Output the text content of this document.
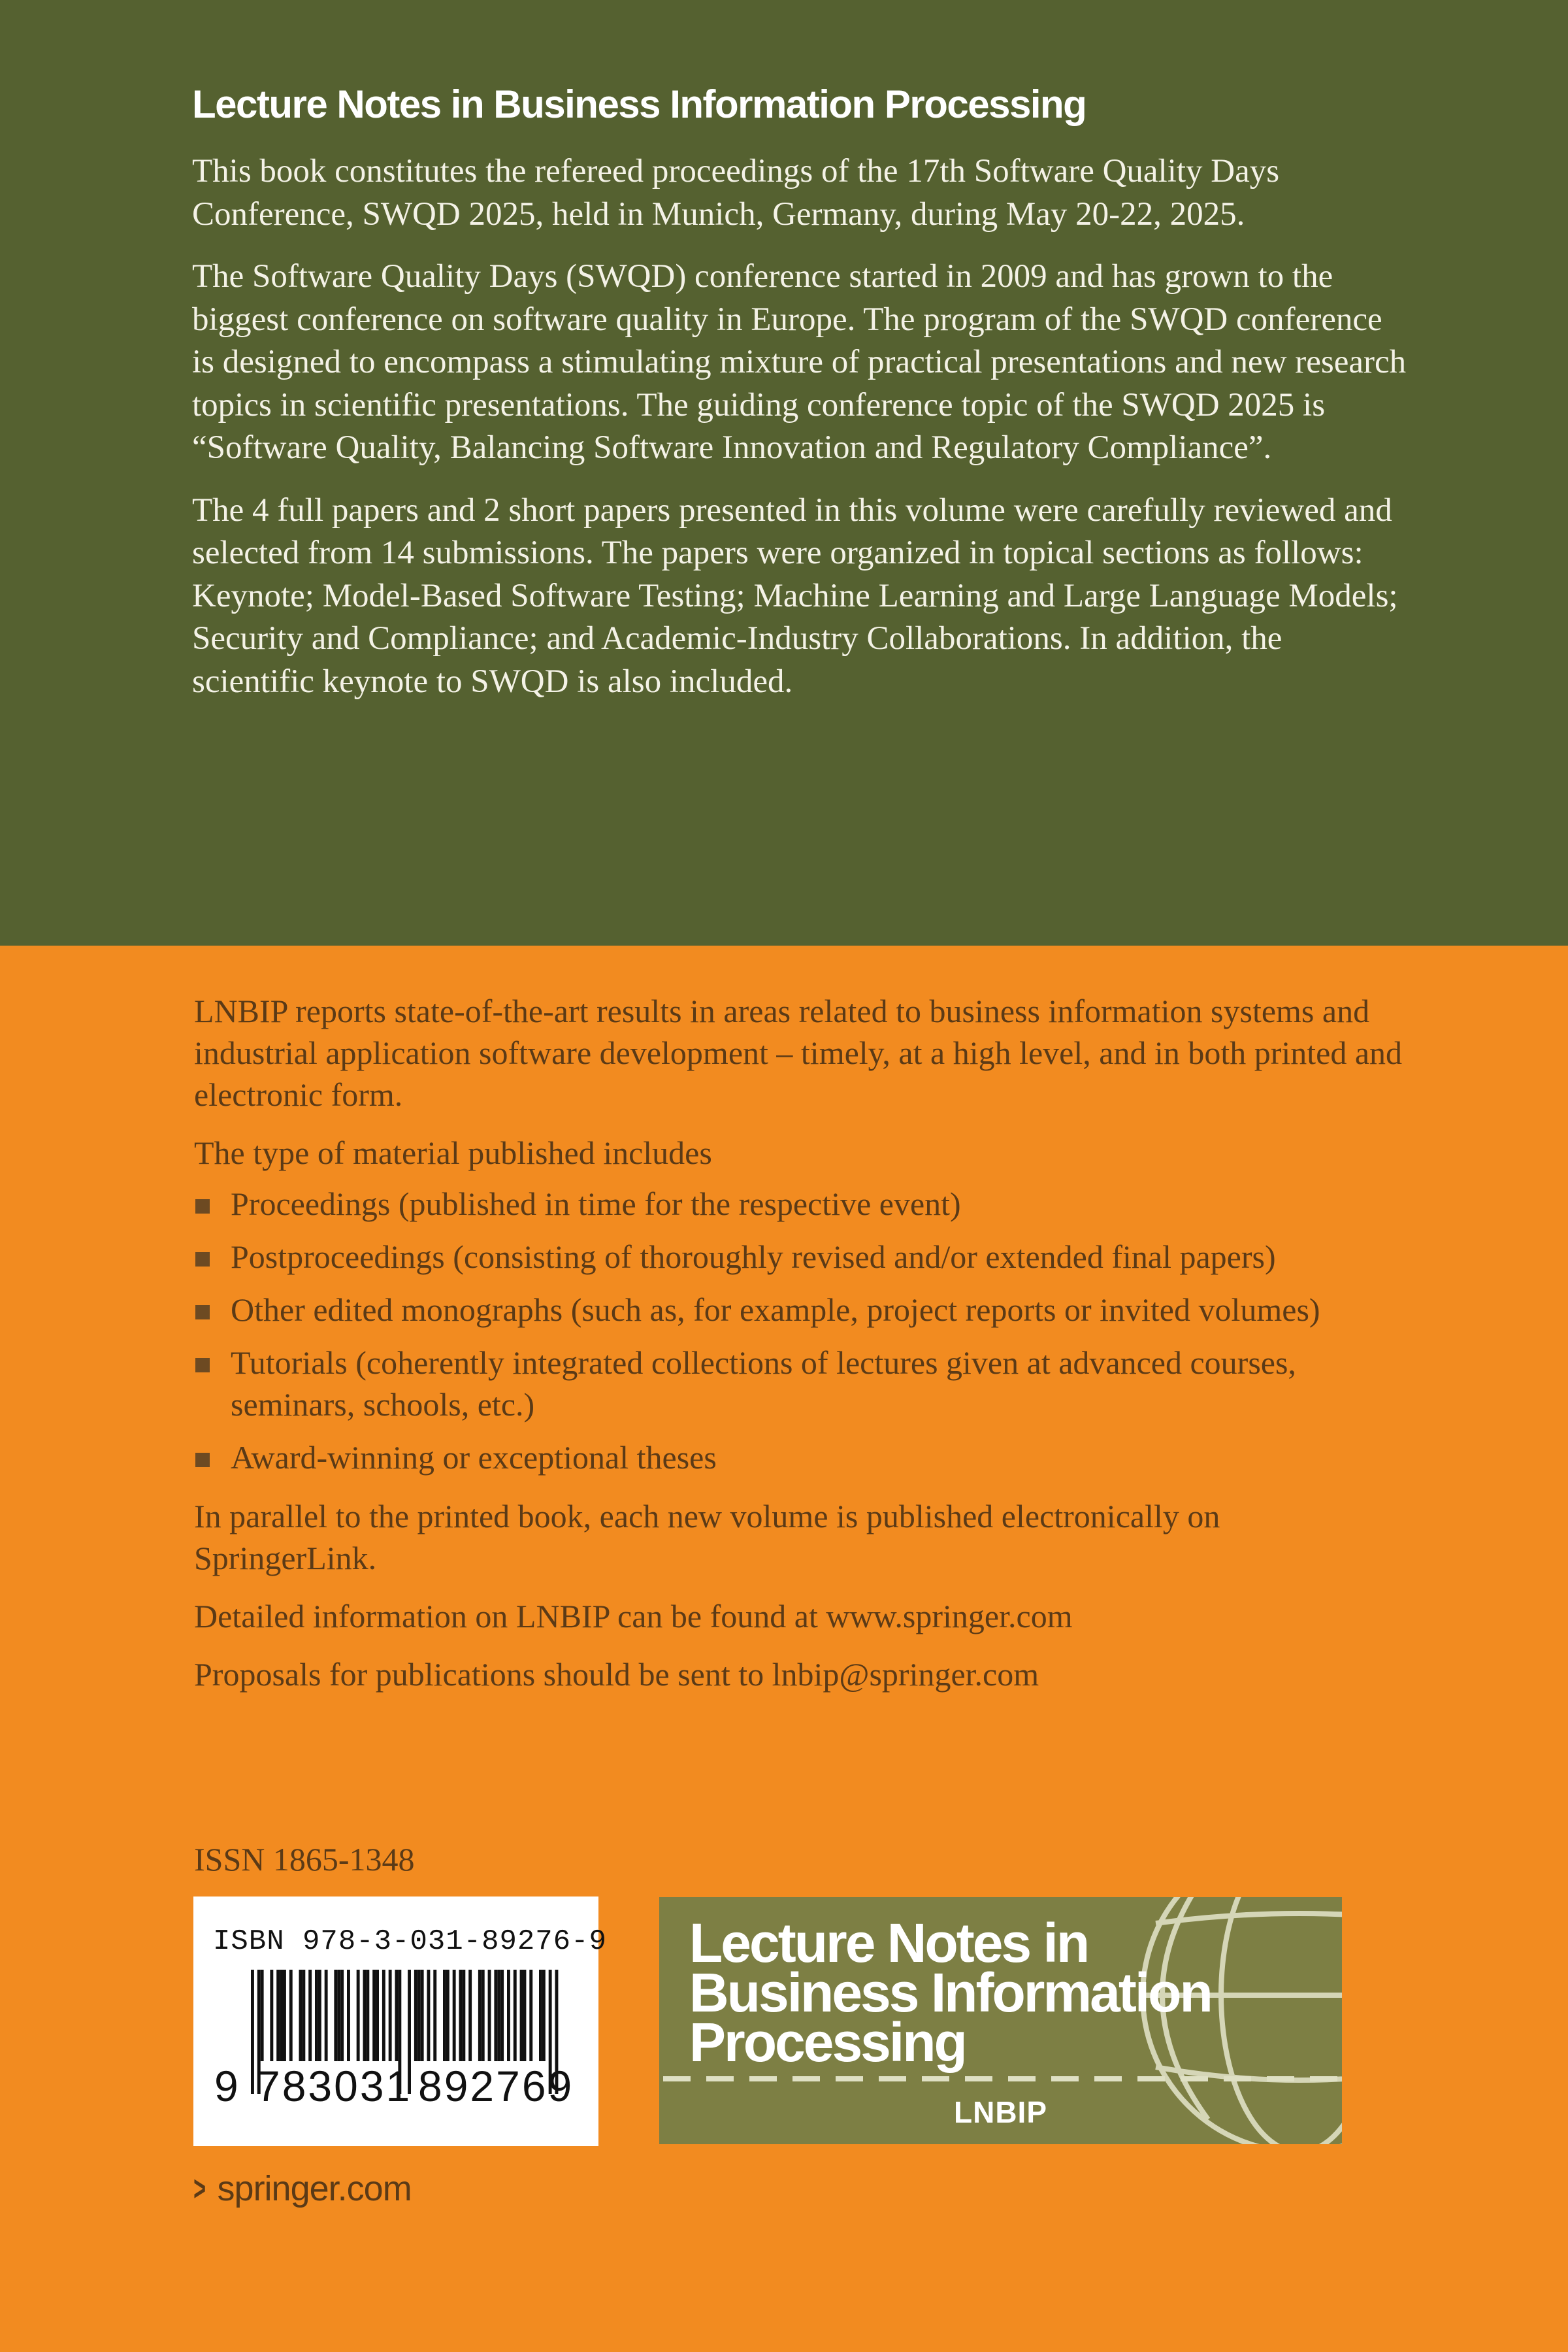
Lecture Notes in Business Information Processing

This book constitutes the refereed proceedings of the 17th Software Quality Days Conference, SWQD 2025, held in Munich, Germany, during May 20-22, 2025.

The Software Quality Days (SWQD) conference started in 2009 and has grown to the biggest conference on software quality in Europe. The program of the SWQD conference is designed to encompass a stimulating mixture of practical presentations and new research topics in scientific presentations. The guiding conference topic of the SWQD 2025 is “Software Quality, Balancing Software Innovation and Regulatory Compliance”.

The 4 full papers and 2 short papers presented in this volume were carefully reviewed and selected from 14 submissions. The papers were organized in topical sections as follows: Keynote; Model-Based Software Testing; Machine Learning and Large Language Models; Security and Compliance; and Academic-Industry Collaborations. In addition, the scientific keynote to SWQD is also included.

LNBIP reports state-of-the-art results in areas related to business information systems and industrial application software development – timely, at a high level, and in both printed and electronic form.

The type of material published includes

Proceedings (published in time for the respective event)
Postproceedings (consisting of thoroughly revised and/or extended final papers)
Other edited monographs (such as, for example, project reports or invited volumes)
Tutorials (coherently integrated collections of lectures given at advanced courses, seminars, schools, etc.)
Award-winning or exceptional theses

In parallel to the printed book, each new volume is published electronically on SpringerLink.

Detailed information on LNBIP can be found at www.springer.com

Proposals for publications should be sent to lnbip@springer.com

ISSN 1865-1348
ISBN 978-3-031-89276-9
9 783031 892769
Lecture Notes in
Business Information
Processing
LNBIP
> springer.com
